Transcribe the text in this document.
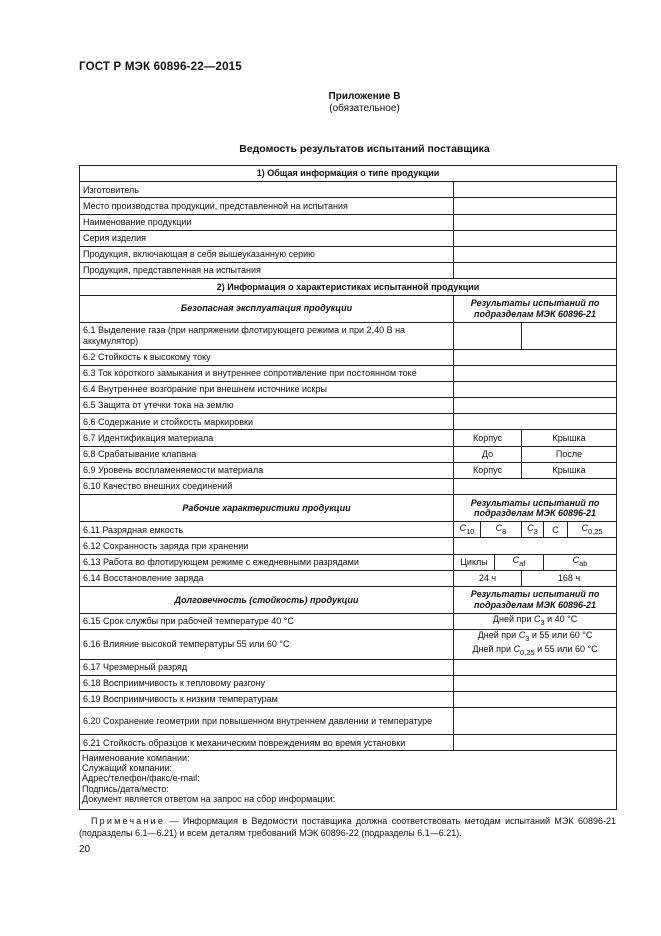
ГОСТ Р МЭК 60896-22—2015
Приложение В
(обязательное)
Ведомость результатов испытаний поставщика
1) Общая информация о типе продукции						
Изготовитель						
Место производства продукции, представленной на испытания						
Наименование продукции						
Серия изделия						
Продукция, включающая в себя вышеуказанную серию						
Продукция, представленная на испытания						
2) Информация о характеристиках испытанной продукции						
Безопасная эксплуатация продукции	Результаты испытаний по подразделам МЭК 60896-21					
6.1 Выделение газа (при напряжении флотирующего режима и при 2,40 В на аккумулятор)						
6.2 Стойкость к высокому току						
6.3 Ток короткого замыкания и внутреннее сопротивление при постоянном токе						
6.4 Внутреннее возгорание при внешнем источнике искры						
6.5 Защита от утечки тока на землю						
6.6 Содержание и стойкость маркировки						
6.7 Идентификация материала	Корпус			Крышка		
6.8 Срабатывание клапана	До			После		
6.9 Уровень воспламеняемости материала	Корпус			Крышка		
6.10 Качество внешних соединений						
Рабочие характеристики продукции	Результаты испытаний по подразделам МЭК 60896-21					
6.11 Разрядная емкость	$C_{10}$	$C_8$		$C_3$	C	$C_{0,25}$
6.12 Сохранность заряда при хранении						
6.13 Работа во флотирующем режиме с ежедневными разрядами	Циклы		$C_{af}$		$C_{ab}$
6.14 Восстановление заряда	24 ч			168 ч		
Долговечность (стойкость) продукции	Результаты испытаний по подразделам МЭК 60896-21					
6.15 Срок службы при рабочей температуре 40 °С	Дней при $C_3$ и 40 °С					
6.16 Влияние высокой температуры 55 или 60 °С	Дней при $C_3$ и 55 или 60 °С
Дней при $C_{0,25}$ и 55 или 60 °С					
6.17 Чрезмерный разряд						
6.18 Восприимчивость к тепловому разгону						
6.19 Восприимчивость к низким температурам						
6.20 Сохранение геометрии при повышенном внутреннем давлении и температуре						
6.21 Стойкость образцов к механическим повреждениям во время установки						

Наименование компании:
Служащий компании:
Адрес/телефон/факс/e-mail:
Подпись/дата/место:
Документ является ответом на запрос на сбор информации:
Примечание — Информация в Ведомости поставщика должна соответствовать методам испытаний МЭК 60896-21 (подразделы 6.1—6.21) и всем деталям требований МЭК 60896-22 (подразделы 6.1—6.21).
20
